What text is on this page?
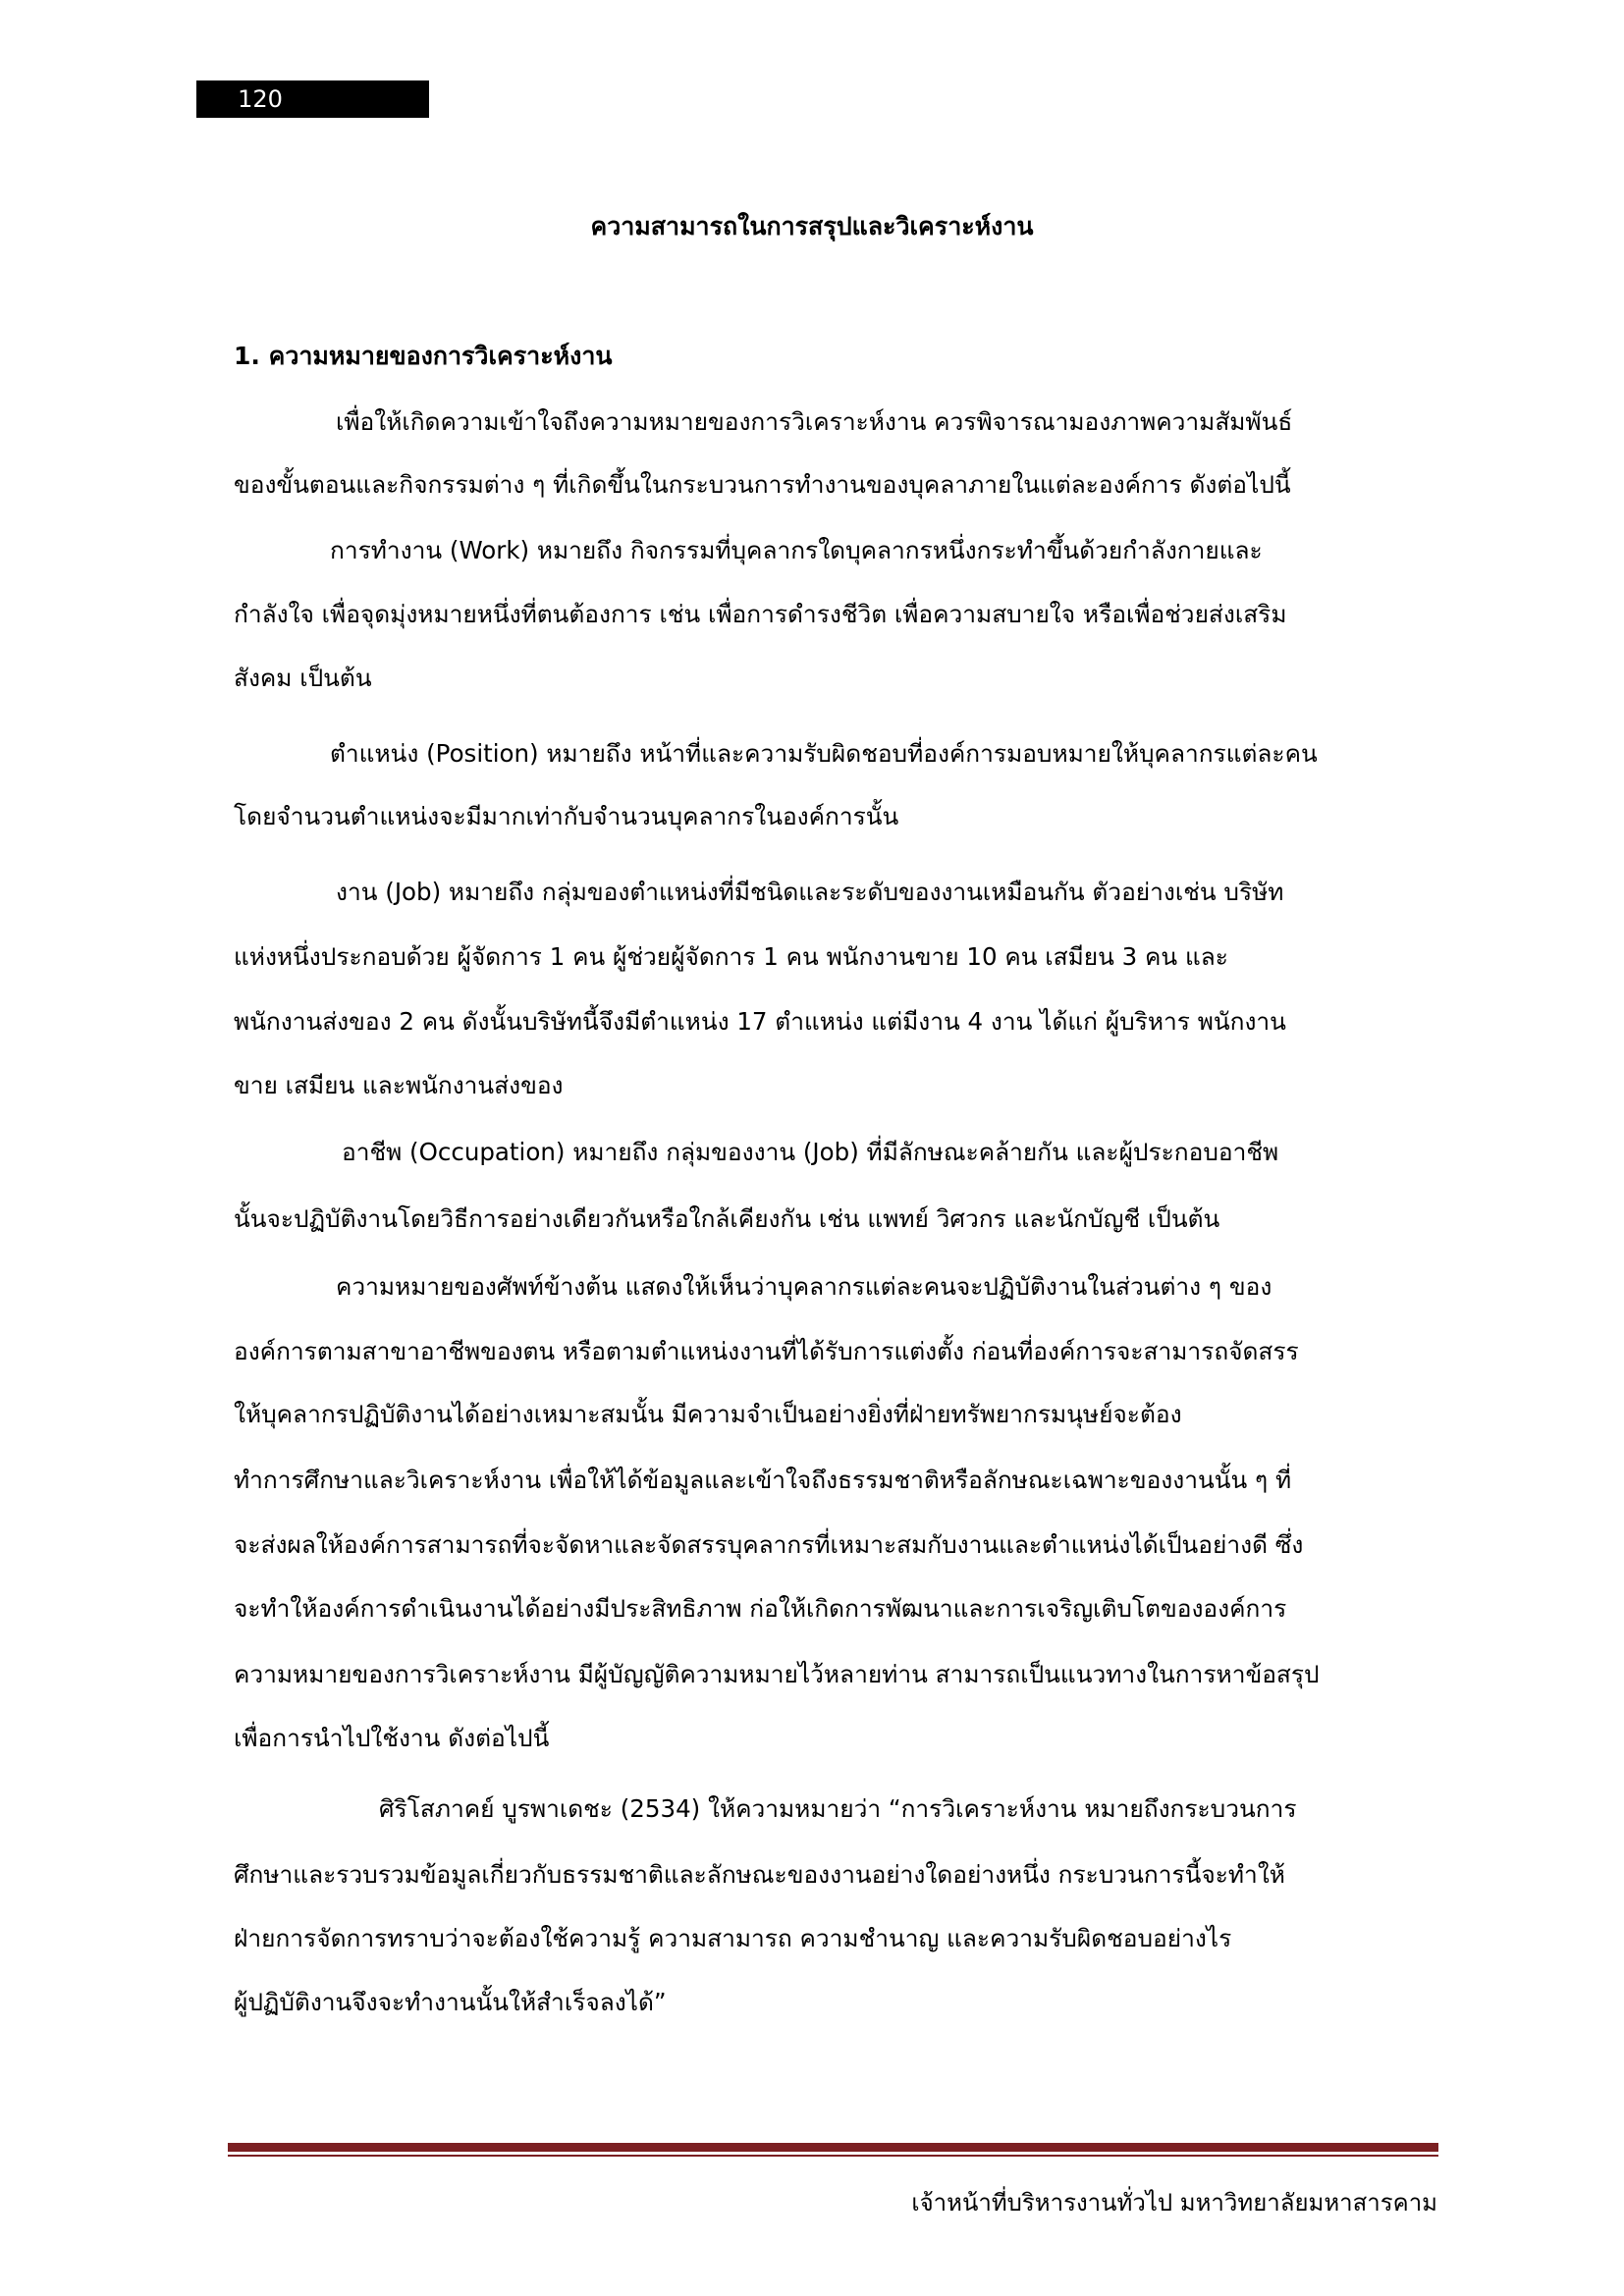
120
ความสามารถในการสรุปและวิเคราะห์งาน
1. ความหมายของการวิเคราะห์งาน

เพื่อให้เกิดความเข้าใจถึงความหมายของการวิเคราะห์งาน ควรพิจารณามองภาพความสัมพันธ์

ของขั้นตอนและกิจกรรมต่าง ๆ ที่เกิดขึ้นในกระบวนการทำงานของบุคลาภายในแต่ละองค์การ ดังต่อไปนี้

การทำงาน (Work) หมายถึง กิจกรรมที่บุคลากรใดบุคลากรหนึ่งกระทำขึ้นด้วยกำลังกายและ

กำลังใจ เพื่อจุดมุ่งหมายหนึ่งที่ตนต้องการ เช่น เพื่อการดำรงชีวิต เพื่อความสบายใจ หรือเพื่อช่วยส่งเสริม

สังคม เป็นต้น

ตำแหน่ง (Position) หมายถึง หน้าที่และความรับผิดชอบที่องค์การมอบหมายให้บุคลากรแต่ละคน

โดยจำนวนตำแหน่งจะมีมากเท่ากับจำนวนบุคลากรในองค์การนั้น

งาน (Job) หมายถึง กลุ่มของตำแหน่งที่มีชนิดและระดับของงานเหมือนกัน ตัวอย่างเช่น บริษัท

แห่งหนึ่งประกอบด้วย ผู้จัดการ 1 คน ผู้ช่วยผู้จัดการ 1 คน พนักงานขาย 10 คน เสมียน 3 คน และ

พนักงานส่งของ 2 คน ดังนั้นบริษัทนี้จึงมีตำแหน่ง 17 ตำแหน่ง แต่มีงาน 4 งาน ได้แก่ ผู้บริหาร พนักงาน

ขาย เสมียน และพนักงานส่งของ

อาชีพ (Occupation) หมายถึง กลุ่มของงาน (Job) ที่มีลักษณะคล้ายกัน และผู้ประกอบอาชีพ

นั้นจะปฏิบัติงานโดยวิธีการอย่างเดียวกันหรือใกล้เคียงกัน เช่น แพทย์ วิศวกร และนักบัญชี เป็นต้น

ความหมายของศัพท์ข้างต้น แสดงให้เห็นว่าบุคลากรแต่ละคนจะปฏิบัติงานในส่วนต่าง ๆ ของ

องค์การตามสาขาอาชีพของตน หรือตามตำแหน่งงานที่ได้รับการแต่งตั้ง ก่อนที่องค์การจะสามารถจัดสรร

ให้บุคลากรปฏิบัติงานได้อย่างเหมาะสมนั้น มีความจำเป็นอย่างยิ่งที่ฝ่ายทรัพยากรมนุษย์จะต้อง

ทำการศึกษาและวิเคราะห์งาน เพื่อให้ได้ข้อมูลและเข้าใจถึงธรรมชาติหรือลักษณะเฉพาะของงานนั้น ๆ ที่

จะส่งผลให้องค์การสามารถที่จะจัดหาและจัดสรรบุคลากรที่เหมาะสมกับงานและตำแหน่งได้เป็นอย่างดี ซึ่ง

จะทำให้องค์การดำเนินงานได้อย่างมีประสิทธิภาพ ก่อให้เกิดการพัฒนาและการเจริญเติบโตขององค์การ

ความหมายของการวิเคราะห์งาน มีผู้บัญญัติความหมายไว้หลายท่าน สามารถเป็นแนวทางในการหาข้อสรุป

เพื่อการนำไปใช้งาน ดังต่อไปนี้

ศิริโสภาคย์ บูรพาเดชะ (2534) ให้ความหมายว่า “การวิเคราะห์งาน หมายถึงกระบวนการ

ศึกษาและรวบรวมข้อมูลเกี่ยวกับธรรมชาติและลักษณะของงานอย่างใดอย่างหนึ่ง กระบวนการนี้จะทำให้

ฝ่ายการจัดการทราบว่าจะต้องใช้ความรู้ ความสามารถ ความชำนาญ และความรับผิดชอบอย่างไร

ผู้ปฏิบัติงานจึงจะทำงานนั้นให้สำเร็จลงได้”

เจ้าหน้าที่บริหารงานทั่วไป มหาวิทยาลัยมหาสารคาม
